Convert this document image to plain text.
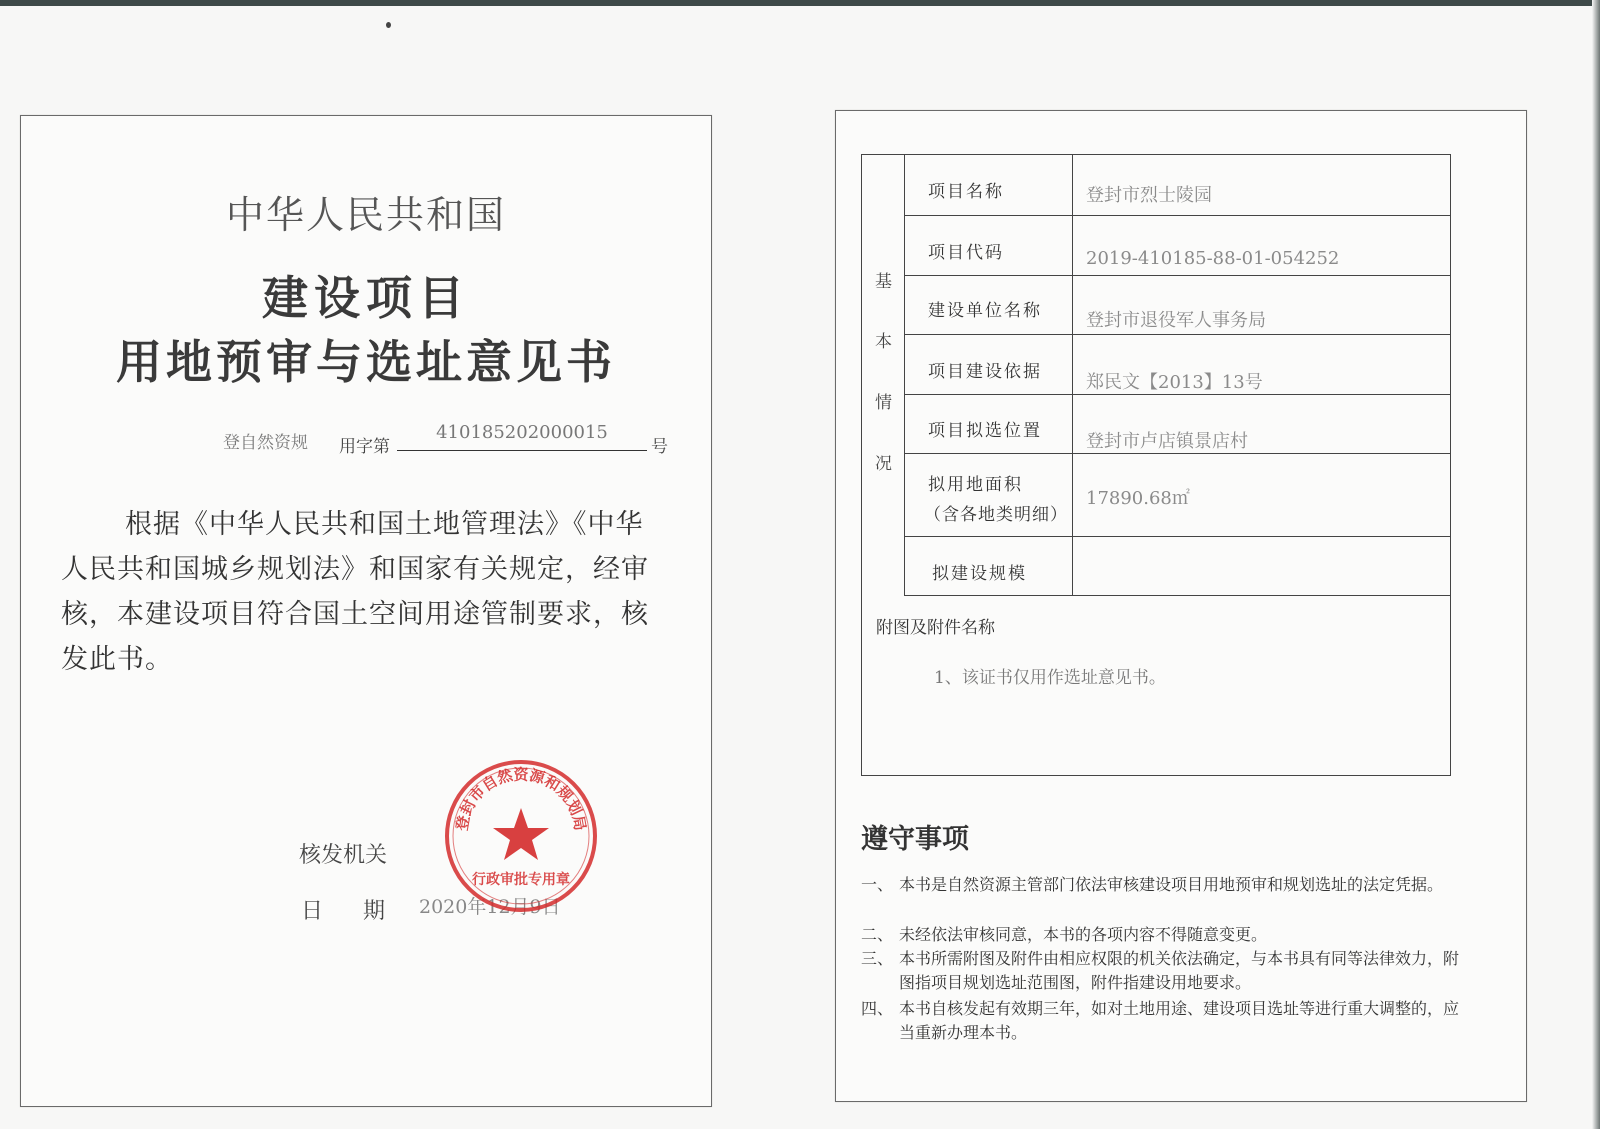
中华人民共和国
建设项目
用地预审与选址意见书
登自然资规 用字第
410185202000015
号
根据《中华人民共和国土地管理法》《中华人民共和国城乡规划法》和国家有关规定，经审核，本建设项目符合国土空间用途管制要求，核发此书。
核发机关
日期
2020年12月9日
登封市自然资源和规划局
行政审批专用章
基
本
情
况
项目名称	登封市烈士陵园
项目代码	2019-410185-88-01-054252
建设单位名称 登封市退役军人事务局
项目建设依据 郑民文【2013】13号
项目拟选位置 登封市卢店镇景店村
拟用地面积
（含各地类明细）
17890.68㎡
拟建设规模
附图及附件名称
1、该证书仅用作选址意见书。
遵守事项
一、 本书是自然资源主管部门依法审核建设项目用地预审和规划选址的法定凭据。
二、 未经依法审核同意，本书的各项内容不得随意变更。
三、 本书所需附图及附件由相应权限的机关依法确定，与本书具有同等法律效力，附图指项目规划选址范围图，附件指建设用地要求。
四、 本书自核发起有效期三年，如对土地用途、建设项目选址等进行重大调整的，应当重新办理本书。
